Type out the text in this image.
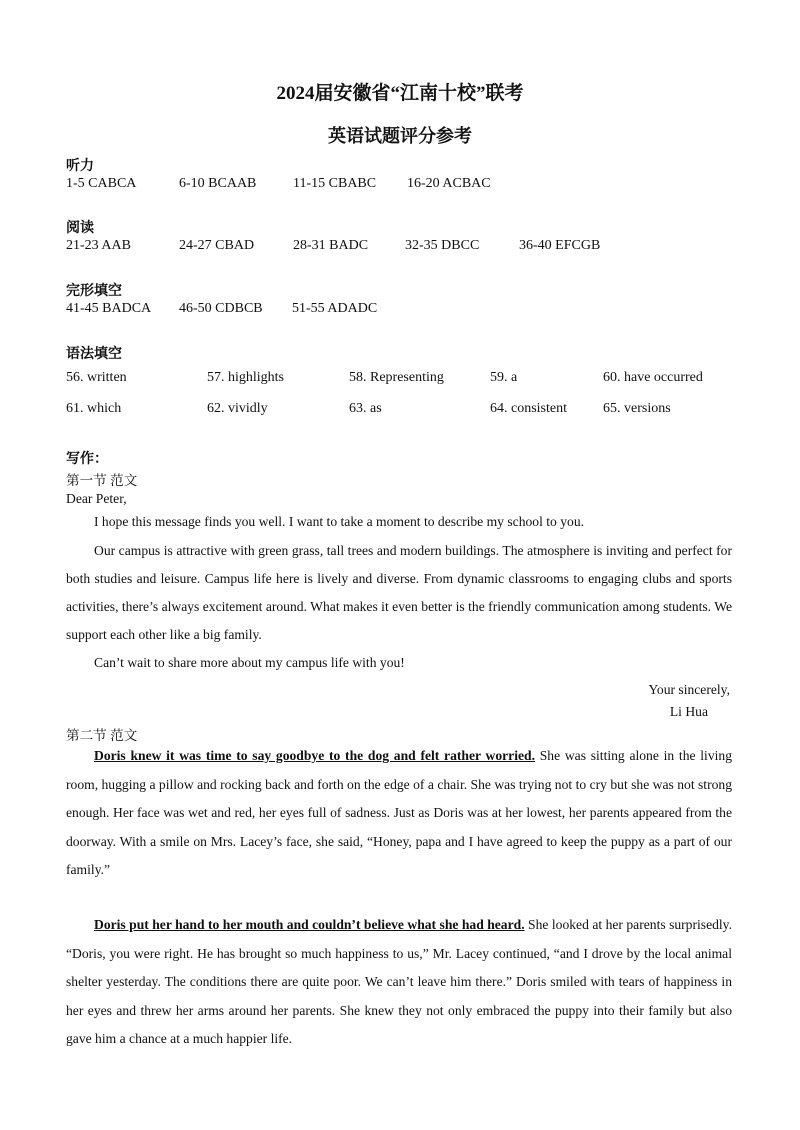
2024届安徽省“江南十校”联考
英语试题评分参考
听力
1-5 CABCA	6-10 BCAAB	11-15 CBABC 16-20 ACBAC
阅读
21-23 AAB	24-27 CBAD	28-31 BADC	32-35 DBCC	36-40 EFCGB
完形填空
41-45 BADCA 46-50 CDBCB 51-55 ADADC
语法填空
56. written	57. highlights	58. Representing	59. a	60. have occurred
61. which	62. vividly	63. as	64. consistent	65. versions
写作：
第一节 范文
Dear Peter,
I hope this message finds you well. I want to take a moment to describe my school to you.
Our campus is attractive with green grass, tall trees and modern buildings. The atmosphere is inviting and perfect for both studies and leisure. Campus life here is lively and diverse. From dynamic classrooms to engaging clubs and sports activities, there’s always excitement around. What makes it even better is the friendly communication among students. We support each other like a big family.
Can’t wait to share more about my campus life with you!
Your sincerely,
Li Hua
第二节 范文
Doris knew it was time to say goodbye to the dog and felt rather worried. She was sitting alone in the living room, hugging a pillow and rocking back and forth on the edge of a chair. She was trying not to cry but she was not strong enough. Her face was wet and red, her eyes full of sadness. Just as Doris was at her lowest, her parents appeared from the doorway. With a smile on Mrs. Lacey’s face, she said, “Honey, papa and I have agreed to keep the puppy as a part of our family.”
Doris put her hand to her mouth and couldn’t believe what she had heard. She looked at her parents surprisedly. “Doris, you were right. He has brought so much happiness to us,” Mr. Lacey continued, “and I drove by the local animal shelter yesterday. The conditions there are quite poor. We can’t leave him there.” Doris smiled with tears of happiness in her eyes and threw her arms around her parents. She knew they not only embraced the puppy into their family but also gave him a chance at a much happier life.
